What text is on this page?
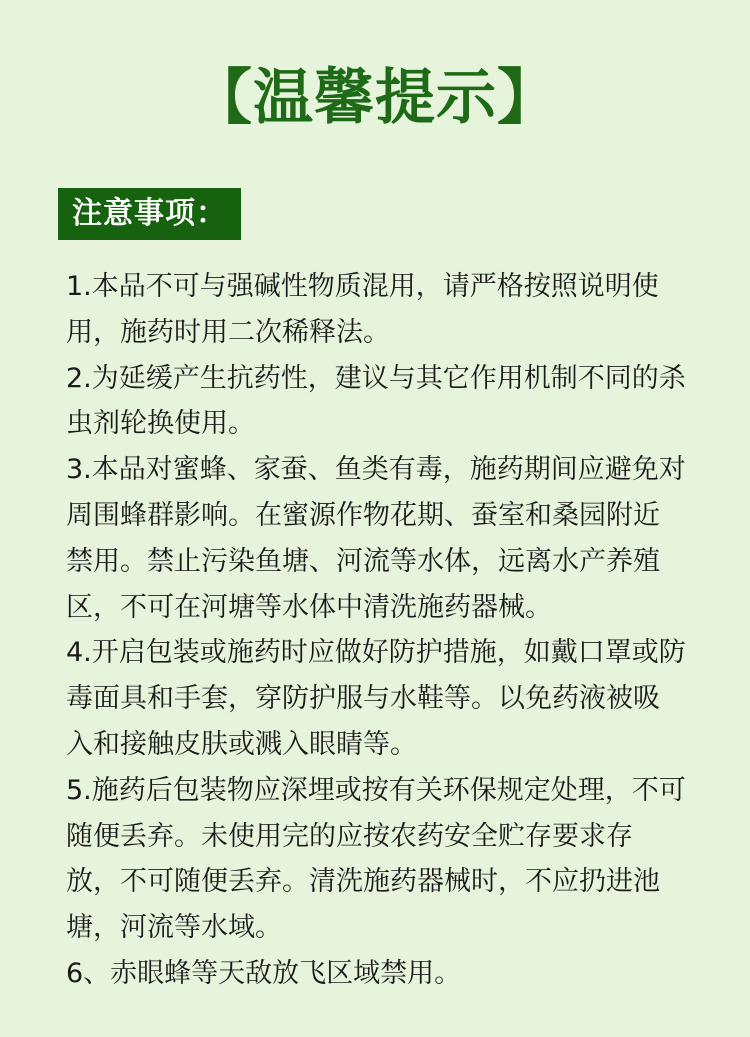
【温馨提示】
注意事项：
1.本品不可与强碱性物质混用，请严格按照说明使用，施药时用二次稀释法。
2.为延缓产生抗药性，建议与其它作用机制不同的杀虫剂轮换使用。
3.本品对蜜蜂、家蚕、鱼类有毒，施药期间应避免对周围蜂群影响。在蜜源作物花期、蚕室和桑园附近禁用。禁止污染鱼塘、河流等水体，远离水产养殖区，不可在河塘等水体中清洗施药器械。
4.开启包装或施药时应做好防护措施，如戴口罩或防毒面具和手套，穿防护服与水鞋等。以免药液被吸入和接触皮肤或溅入眼睛等。
5.施药后包装物应深埋或按有关环保规定处理，不可随便丢弃。未使用完的应按农药安全贮存要求存放，不可随便丢弃。清洗施药器械时，不应扔进池塘，河流等水域。
6、赤眼蜂等天敌放飞区域禁用。
